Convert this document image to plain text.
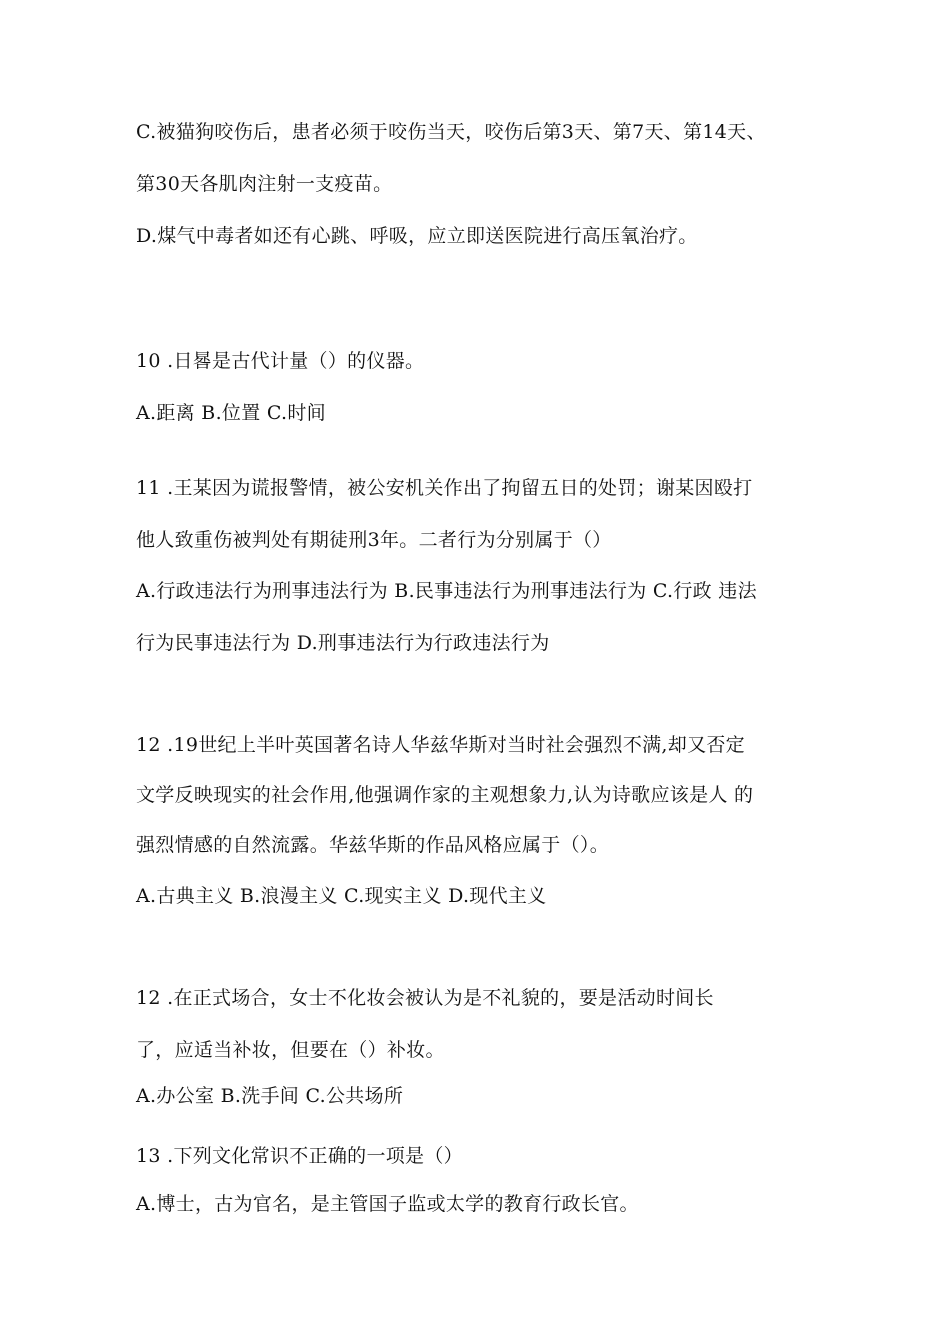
C.被猫狗咬伤后，患者必须于咬伤当天，咬伤后第3天、第7天、第14天、
第30天各肌肉注射一支疫苗。
D.煤气中毒者如还有心跳、呼吸，应立即送医院进行高压氧治疗。
10 .日晷是古代计量（）的仪器。
A.距离 B.位置 C.时间
11 .王某因为谎报警情，被公安机关作出了拘留五日的处罚；谢某因殴打
他人致重伤被判处有期徒刑3年。二者行为分别属于（）
A.行政违法行为刑事违法行为 B.民事违法行为刑事违法行为 C.行政 违法
行为民事违法行为 D.刑事违法行为行政违法行为
12 .19世纪上半叶英国著名诗人华兹华斯对当时社会强烈不满,却又否定
文学反映现实的社会作用,他强调作家的主观想象力,认为诗歌应该是人 的
强烈情感的自然流露。华兹华斯的作品风格应属于（）。
A.古典主义 B.浪漫主义 C.现实主义 D.现代主义
12 .在正式场合，女士不化妆会被认为是不礼貌的，要是活动时间长
了，应适当补妆，但要在（）补妆。
A.办公室 B.洗手间 C.公共场所
13 .下列文化常识不正确的一项是（）
A.博士，古为官名，是主管国子监或太学的教育行政长官。
